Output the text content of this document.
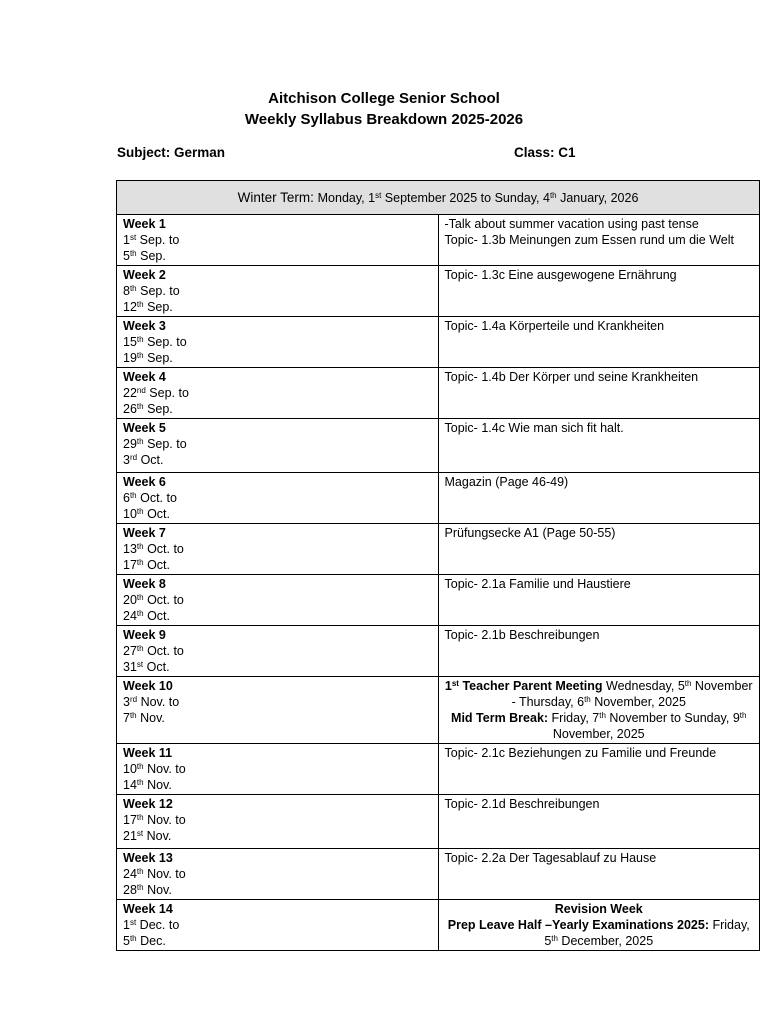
Aitchison College Senior School
Weekly Syllabus Breakdown 2025-2026
Subject: German	Class: C1
Winter Term: Monday, 1st September 2025 to Sunday, 4th January, 2026	

Week 1
1st Sep. to
5th Sep.	-Talk about summer vacation using past tense
Topic- 1.3b Meinungen zum Essen rund um die Welt

Week 2
8th Sep. to
12th Sep.	Topic- 1.3c Eine ausgewogene Ernährung

Week 3
15th Sep. to
19th Sep.	Topic- 1.4a Körperteile und Krankheiten

Week 4
22nd Sep. to
26th Sep.	Topic- 1.4b Der Körper und seine Krankheiten

Week 5
29th Sep. to
3rd Oct.	Topic- 1.4c Wie man sich fit halt.

Week 6
6th Oct. to
10th Oct.	Magazin (Page 46-49)

Week 7
13th Oct. to
17th Oct.	Prüfungsecke A1 (Page 50-55)

Week 8
20th Oct. to
24th Oct.	Topic- 2.1a Familie und Haustiere

Week 9
27th Oct. to
31st Oct.	Topic- 2.1b Beschreibungen

Week 10
3rd Nov. to
7th Nov.	1st Teacher Parent Meeting Wednesday, 5th November - Thursday, 6th November, 2025
Mid Term Break: Friday, 7th November to Sunday, 9th November, 2025

Week 11
10th Nov. to
14th Nov.	Topic- 2.1c Beziehungen zu Familie und Freunde

Week 12
17th Nov. to
21st Nov.	Topic- 2.1d Beschreibungen

Week 13
24th Nov. to
28th Nov.	Topic- 2.2a Der Tagesablauf zu Hause

Week 14
1st Dec. to
5th Dec.	Revision Week
Prep Leave Half –Yearly Examinations 2025: Friday, 5th December, 2025
